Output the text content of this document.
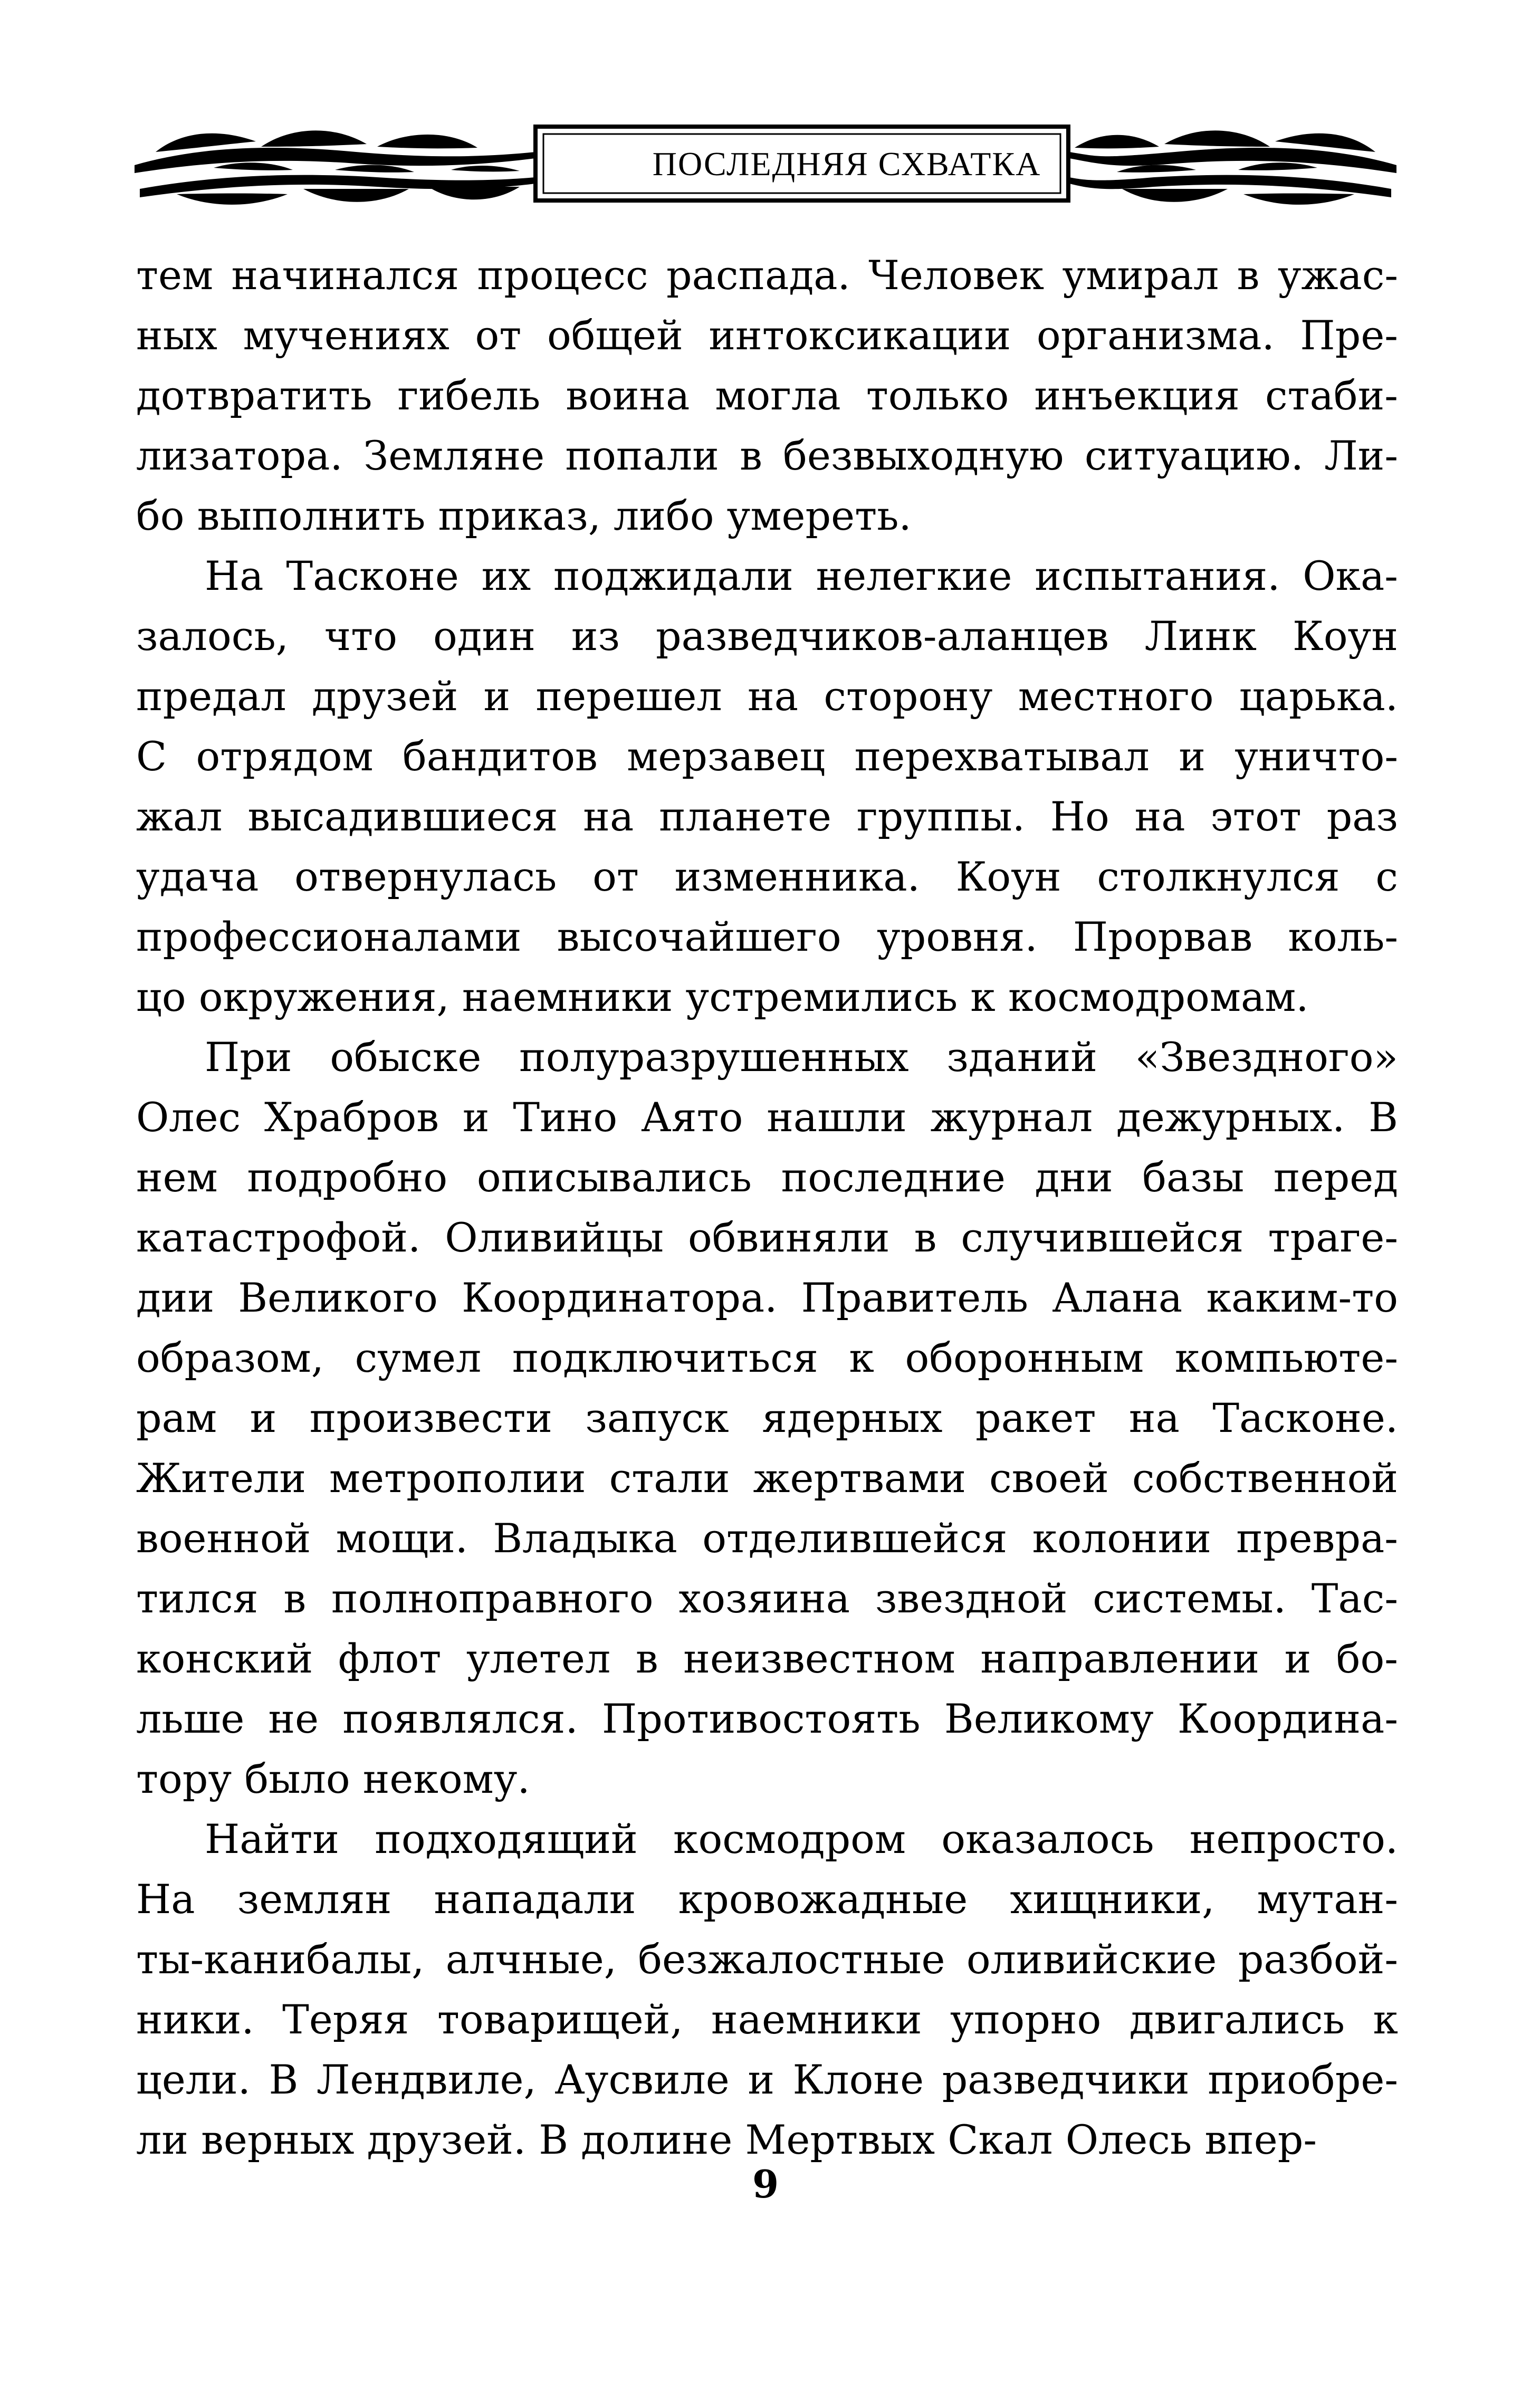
ПОСЛЕДНЯЯ СХВАТКА
тем начинался процесс распада. Человек умирал в ужас-
ных мучениях от общей интоксикации организма. Пре-
дотвратить гибель воина могла только инъекция стаби-
лизатора. Земляне попали в безвыходную ситуацию. Ли-
бо выполнить приказ, либо умереть.
На Тасконе их поджидали нелегкие испытания. Ока-
залось, что один из разведчиков-аланцев Линк Коун
предал друзей и перешел на сторону местного царька.
С отрядом бандитов мерзавец перехватывал и уничто-
жал высадившиеся на планете группы. Но на этот раз
удача отвернулась от изменника. Коун столкнулся с
профессионалами высочайшего уровня. Прорвав коль-
цо окружения, наемники устремились к космодромам.
При обыске полуразрушенных зданий «Звездного»
Олес Храбров и Тино Аято нашли журнал дежурных. В
нем подробно описывались последние дни базы перед
катастрофой. Оливийцы обвиняли в случившейся траге-
дии Великого Координатора. Правитель Алана каким-то
образом, сумел подключиться к оборонным компьюте-
рам и произвести запуск ядерных ракет на Тасконе.
Жители метрополии стали жертвами своей собственной
военной мощи. Владыка отделившейся колонии превра-
тился в полноправного хозяина звездной системы. Тас-
конский флот улетел в неизвестном направлении и бо-
льше не появлялся. Противостоять Великому Координа-
тору было некому.
Найти подходящий космодром оказалось непросто.
На землян нападали кровожадные хищники, мутан-
ты-канибалы, алчные, безжалостные оливийские разбой-
ники. Теряя товарищей, наемники упорно двигались к
цели. В Лендвиле, Аусвиле и Клоне разведчики приобре-
ли верных друзей. В долине Мертвых Скал Олесь впер-
9
